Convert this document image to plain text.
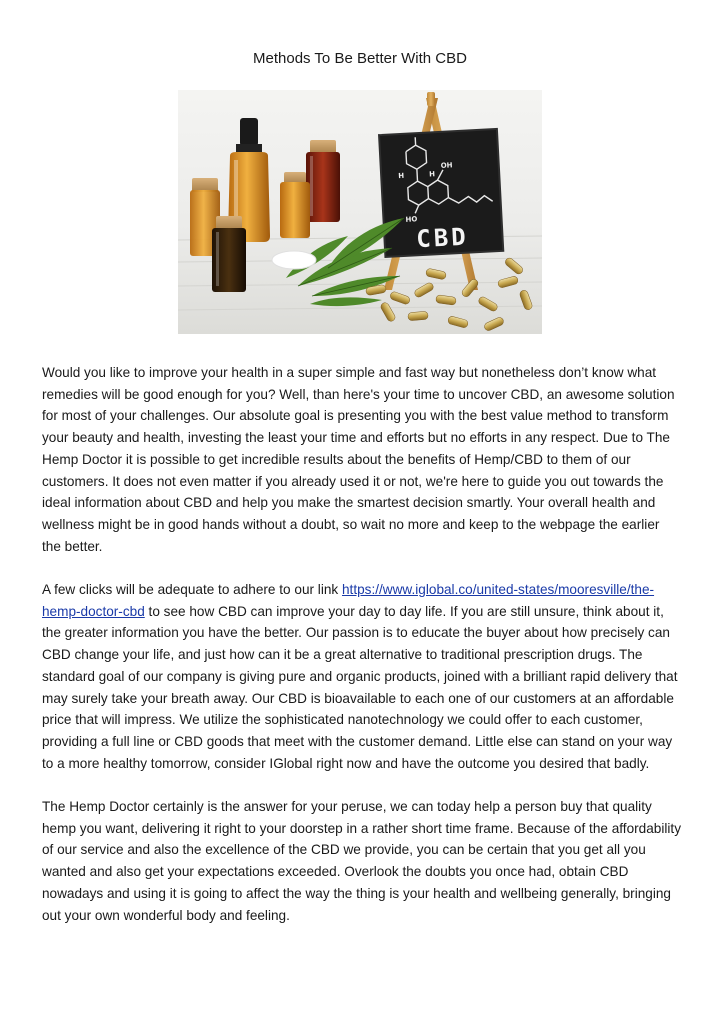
Methods To Be Better With CBD
OH
H	H
HO
CBD

Would you like to improve your health in a super simple and fast way but nonetheless don’t know what remedies will be good enough for you? Well, than here's your time to uncover CBD, an awesome solution for most of your challenges. Our absolute goal is presenting you with the best value method to transform your beauty and health, investing the least your time and efforts but no efforts in any respect. Due to The Hemp Doctor it is possible to get incredible results about the benefits of Hemp/CBD to them of our customers. It does not even matter if you already used it or not, we're here to guide you out towards the ideal information about CBD and help you make the smartest decision smartly. Your overall health and wellness might be in good hands without a doubt, so wait no more and keep to the webpage the earlier the better.

A few clicks will be adequate to adhere to our link https://www.iglobal.co/united-states/mooresville/the-hemp-doctor-cbd to see how CBD can improve your day to day life. If you are still unsure, think about it, the greater information you have the better. Our passion is to educate the buyer about how precisely can CBD change your life, and just how can it be a great alternative to traditional prescription drugs. The standard goal of our company is giving pure and organic products, joined with a brilliant rapid delivery that may surely take your breath away. Our CBD is bioavailable to each one of our customers at an affordable price that will impress. We utilize the sophisticated nanotechnology we could offer to each customer, providing a full line or CBD goods that meet with the customer demand. Little else can stand on your way to a more healthy tomorrow, consider IGlobal right now and have the outcome you desired that badly.

The Hemp Doctor certainly is the answer for your peruse, we can today help a person buy that quality hemp you want, delivering it right to your doorstep in a rather short time frame. Because of the affordability of our service and also the excellence of the CBD we provide, you can be certain that you get all you wanted and also get your expectations exceeded. Overlook the doubts you once had, obtain CBD nowadays and using it is going to affect the way the thing is your health and wellbeing generally, bringing out your own wonderful body and feeling.
